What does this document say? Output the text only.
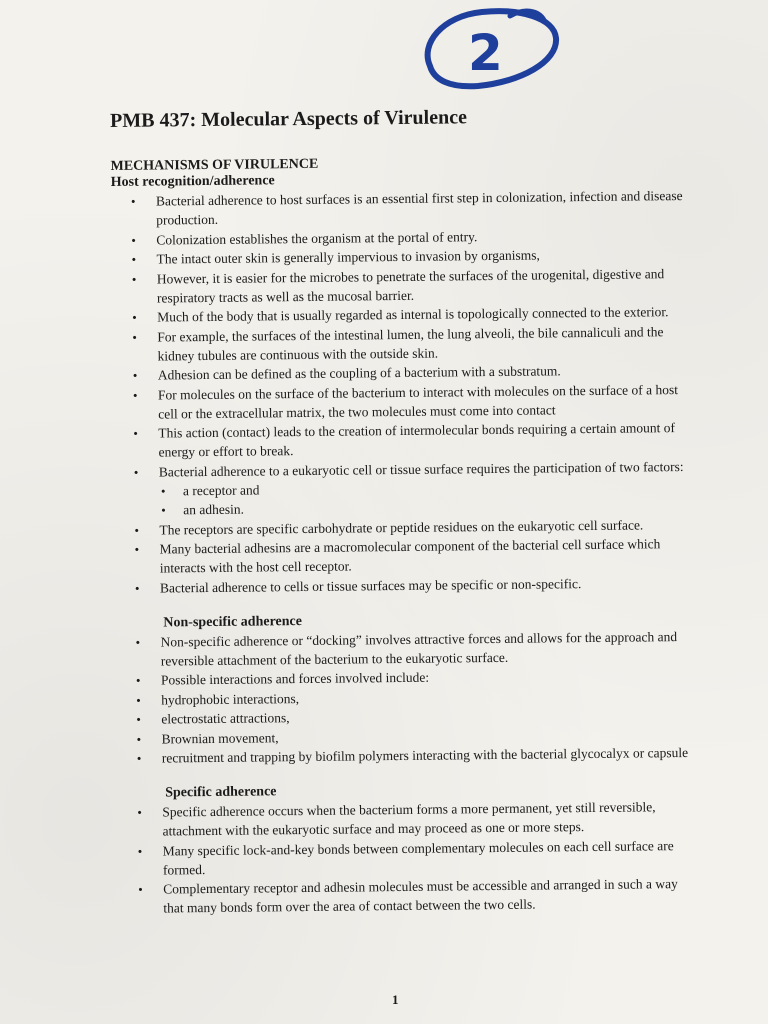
2
PMB 437: Molecular Aspects of Virulence
MECHANISMS OF VIRULENCE
Host recognition/adherence
• Bacterial adherence to host surfaces is an essential first step in colonization, infection and disease production.
• Colonization establishes the organism at the portal of entry.
• The intact outer skin is generally impervious to invasion by organisms,
• However, it is easier for the microbes to penetrate the surfaces of the urogenital, digestive and respiratory tracts as well as the mucosal barrier.
• Much of the body that is usually regarded as internal is topologically connected to the exterior.
• For example, the surfaces of the intestinal lumen, the lung alveoli, the bile cannaliculi and the kidney tubules are continuous with the outside skin.
• Adhesion can be defined as the coupling of a bacterium with a substratum.
• For molecules on the surface of the bacterium to interact with molecules on the surface of a host cell or the extracellular matrix, the two molecules must come into contact
• This action (contact) leads to the creation of intermolecular bonds requiring a certain amount of energy or effort to break.
• Bacterial adherence to a eukaryotic cell or tissue surface requires the participation of two factors:
• a receptor and
• an adhesin.
• The receptors are specific carbohydrate or peptide residues on the eukaryotic cell surface.
• Many bacterial adhesins are a macromolecular component of the bacterial cell surface which interacts with the host cell receptor.
• Bacterial adherence to cells or tissue surfaces may be specific or non-specific.
Non-specific adherence
• Non-specific adherence or “docking” involves attractive forces and allows for the approach and reversible attachment of the bacterium to the eukaryotic surface.
• Possible interactions and forces involved include:
• hydrophobic interactions,
• electrostatic attractions,
• Brownian movement,
• recruitment and trapping by biofilm polymers interacting with the bacterial glycocalyx or capsule
Specific adherence
• Specific adherence occurs when the bacterium forms a more permanent, yet still reversible, attachment with the eukaryotic surface and may proceed as one or more steps.
• Many specific lock-and-key bonds between complementary molecules on each cell surface are formed.
• Complementary receptor and adhesin molecules must be accessible and arranged in such a way that many bonds form over the area of contact between the two cells.
1
